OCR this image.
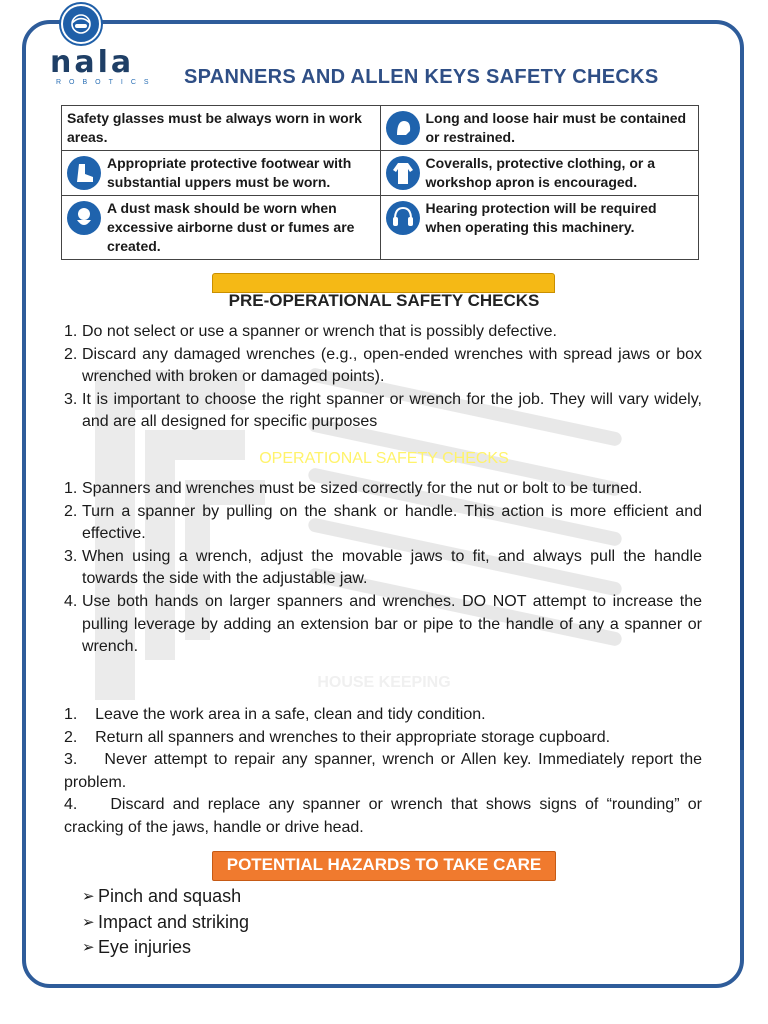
nala
ROBOTICS SPANNERS AND ALLEN KEYS SAFETY CHECKS
Safety glasses must be always worn in work areas.	Long and loose hair must be contained or restrained.

Appropriate protective footwear with substantial uppers must be worn.	Coveralls, protective clothing, or a workshop apron is encouraged.

A dust mask should be worn when excessive airborne dust or fumes are created.	Hearing protection will be required when operating this machinery.
PRE-OPERATIONAL SAFETY CHECKS
1. Do not select or use a spanner or wrench that is possibly defective.
2. Discard any damaged wrenches (e.g., open-ended wrenches with spread jaws or box wrenched with broken or damaged points).
3. It is important to choose the right spanner or wrench for the job. They will vary widely, and are all designed for specific purposes
OPERATIONAL SAFETY CHECKS
1. Spanners and wrenches must be sized correctly for the nut or bolt to be turned.
2. Turn a spanner by pulling on the shank or handle. This action is more efficient and effective.
3. When using a wrench, adjust the movable jaws to fit, and always pull the handle towards the side with the adjustable jaw.
4. Use both hands on larger spanners and wrenches. DO NOT attempt to increase the pulling leverage by adding an extension bar or pipe to the handle of any a spanner or wrench.
HOUSE KEEPING
1.    Leave the work area in a safe, clean and tidy condition.
2.    Return all spanners and wrenches to their appropriate storage cupboard.
3.    Never attempt to repair any spanner, wrench or Allen key. Immediately report the problem.
4.    Discard and replace any spanner or wrench that shows signs of “rounding” or cracking of the jaws, handle or drive head.
POTENTIAL HAZARDS TO TAKE CARE
➢ Pinch and squash
➢ Impact and striking
➢ Eye injuries
